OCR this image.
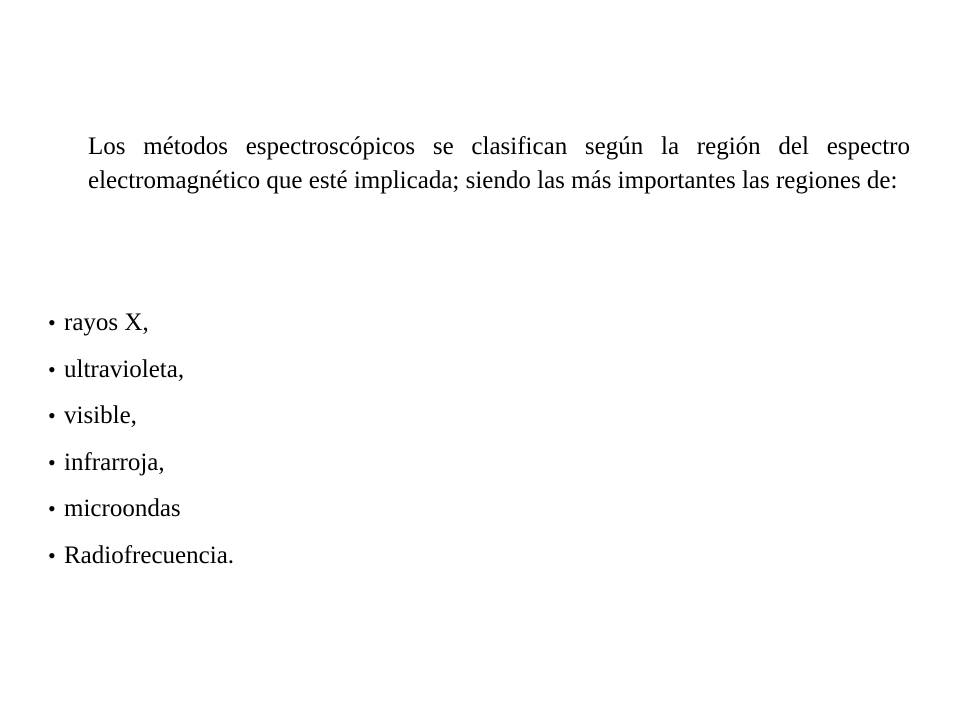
Los métodos espectroscópicos se clasifican según la región del espectro electromagnético que esté implicada; siendo las más importantes las regiones de:

• rayos X,
• ultravioleta,
• visible,
• infrarroja,
• microondas
• Radiofrecuencia.
